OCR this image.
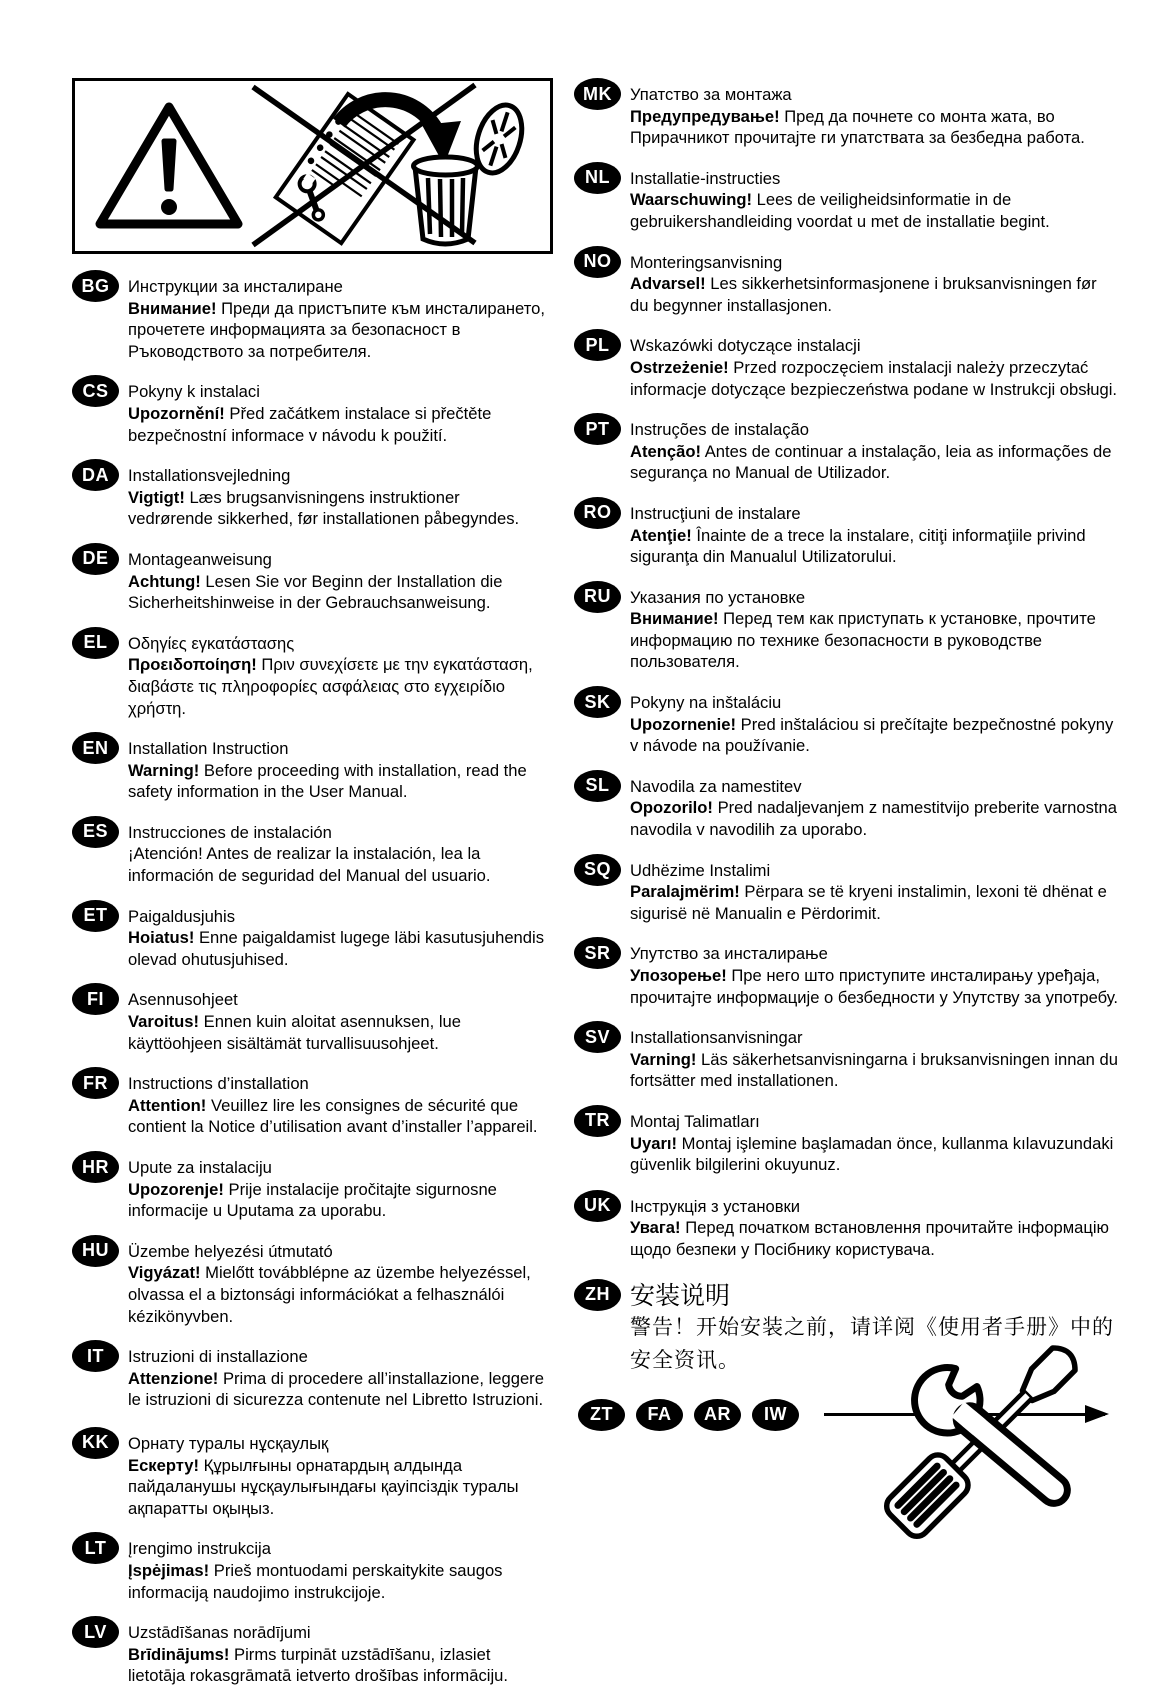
BG	Инструкции за инсталиране
Внимание! Преди да пристъпите към инсталирането, прочетете информацията за безопасност в Ръководството за потребителя.
CS	Pokyny k instalaci
Upozornění! Před začátkem instalace si přečtěte bezpečnostní informace v návodu k použití.
DA	Installationsvejledning
Vigtigt! Læs brugsanvisningens instruktioner vedrørende sikkerhed, før installationen påbegyndes.
DE	Montageanweisung
Achtung! Lesen Sie vor Beginn der Installation die Sicherheitshinweise in der Gebrauchsanweisung.
EL	Οδηγίες εγκατάστασης
Προειδοποίηση! Πριν συνεχίσετε με την εγκατάσταση, διαβάστε τις πληροφορίες ασφάλειας στο εγχειρίδιο χρήστη.
EN	Installation Instruction
Warning! Before proceeding with installation, read the safety information in the User Manual.
ES	Instrucciones de instalación
¡Atención! Antes de realizar la instalación, lea la información de seguridad del Manual del usuario.
ET	Paigaldusjuhis
Hoiatus! Enne paigaldamist lugege läbi kasutusjuhendis olevad ohutusjuhised.
FI	Asennusohjeet
Varoitus! Ennen kuin aloitat asennuksen, lue käyttöohjeen sisältämät turvallisuusohjeet.
FR	Instructions d’installation
Attention! Veuillez lire les consignes de sécurité que contient la Notice d’utilisation avant d’installer l’appareil.
HR	Upute za instalaciju
Upozorenje! Prije instalacije pročitajte sigurnosne informacije u Uputama za uporabu.
HU	Üzembe helyezési útmutató
Vigyázat! Mielőtt továbblépne az üzembe helyezéssel, olvassa el a biztonsági információkat a felhasználói kézikönyvben.
IT	Istruzioni di installazione
Attenzione! Prima di procedere all’installazione, leggere le istruzioni di sicurezza contenute nel Libretto Istruzioni.
KK	Орнату туралы нұсқаулық
Ескерту! Құрылғыны орнатардың алдында пайдаланушы нұсқаулығындағы қауіпсіздік туралы ақпаратты оқыңыз.
LT	Įrengimo instrukcija
Įspėjimas! Prieš montuodami perskaitykite saugos informaciją naudojimo instrukcijoje.
LV	Uzstādīšanas norādījumi
Brīdinājums! Pirms turpināt uzstādīšanu, izlasiet lietotāja rokasgrāmatā ietverto drošības informāciju.
MK	Упатство за монтажа
Предупредување! Пред да почнете со монта жата, во Прирачникот прочитајте ги упатствата за безбедна работа.
NL	Installatie-instructies
Waarschuwing! Lees de veiligheidsinformatie in de gebruikershandleiding voordat u met de installatie begint.
NO	Monteringsanvisning
Advarsel! Les sikkerhetsinformasjonene i bruksanvisningen før du begynner installasjonen.
PL	Wskazówki dotyczące instalacji
Ostrzeżenie! Przed rozpoczęciem instalacji należy przeczytać informacje dotyczące bezpieczeństwa podane w Instrukcji obsługi.
PT	Instruções de instalação
Atenção! Antes de continuar a instalação, leia as informações de segurança no Manual de Utilizador.
RO	Instrucţiuni de instalare
Atenţie! Înainte de a trece la instalare, citiţi informaţiile privind siguranţa din Manualul Utilizatorului.
RU	Указания по установке
Внимание! Перед тем как приступать к установке, прочтите информацию по технике безопасности в руководстве пользователя.
SK	Pokyny na inštaláciu
Upozornenie! Pred inštaláciou si prečítajte bezpečnostné pokyny v návode na používanie.
SL	Navodila za namestitev
Opozorilo! Pred nadaljevanjem z namestitvijo preberite varnostna navodila v navodilih za uporabo.
SQ	Udhëzime Instalimi
Paralajmërim! Përpara se të kryeni instalimin, lexoni të dhënat e sigurisë në Manualin e Përdorimit.
SR	Упутство за инсталирање
Упозорење! Пре него што приступите инсталирању уређаја, прочитајте информације о безбедности у Упутству за употребу.
SV	Installationsanvisningar
Varning! Läs säkerhetsanvisningarna i bruksanvisningen innan du fortsätter med installationen.
TR	Montaj Talimatları
Uyarı! Montaj işlemine başlamadan önce, kullanma kılavuzundaki güvenlik bilgilerini okuyunuz.
UK	Інструкція з установки
Увага! Перед початком встановлення прочитайте інформацію щодо безпеки у Посібнику користувача.
ZH 安装说明
警告！开始安装之前，请详阅《使用者手册》中的安全资讯。
ZT	FA	AR	IW
